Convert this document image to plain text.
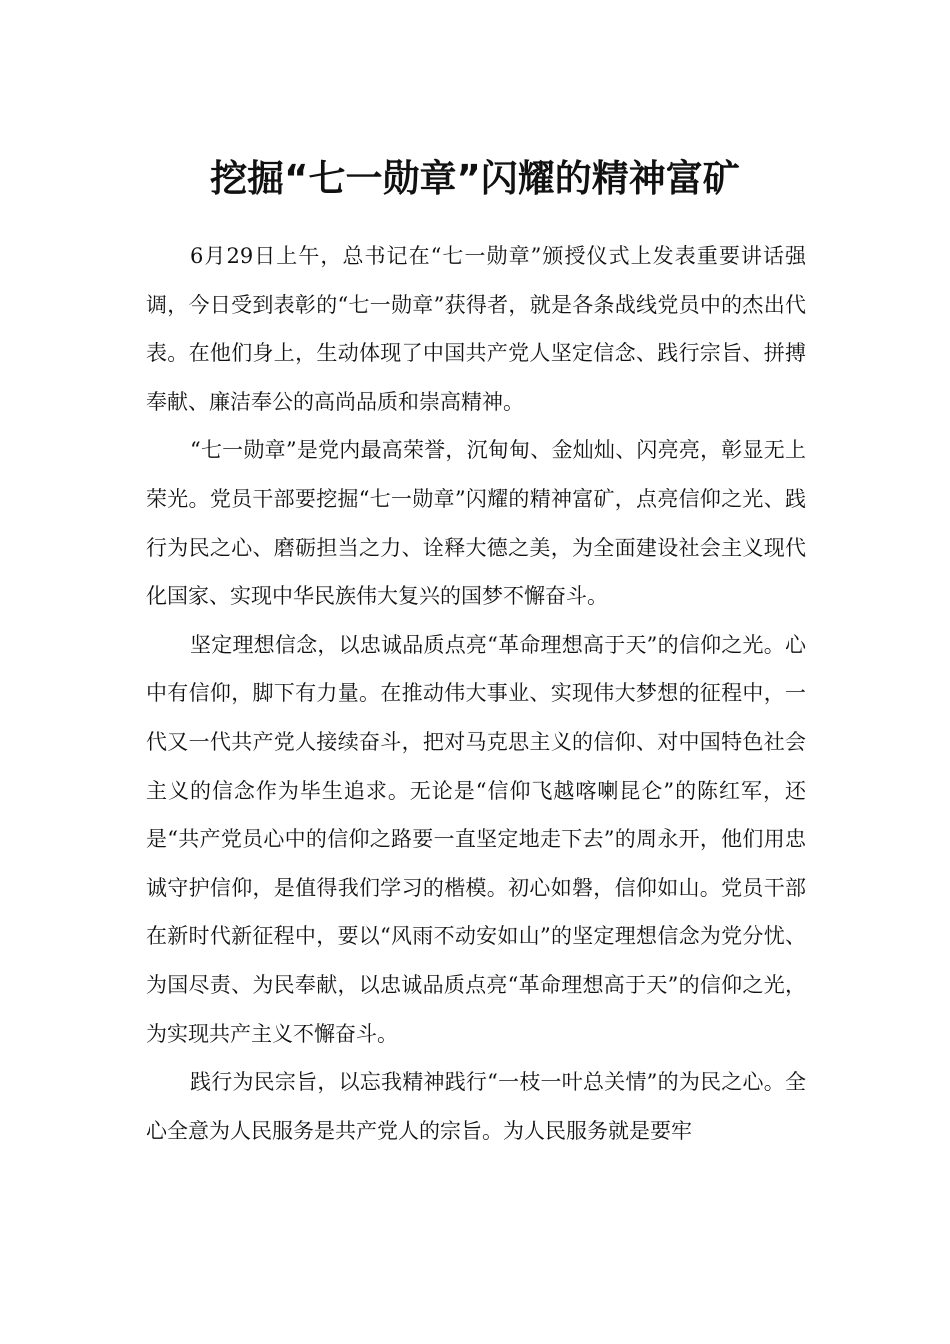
挖掘“七一勋章”闪耀的精神富矿

6月29日上午，总书记在“七一勋章”颁授仪式上发表重要讲话强调，今日受到表彰的“七一勋章”获得者，就是各条战线党员中的杰出代表。在他们身上，生动体现了中国共产党人坚定信念、践行宗旨、拼搏奉献、廉洁奉公的高尚品质和崇高精神。

“七一勋章”是党内最高荣誉，沉甸甸、金灿灿、闪亮亮，彰显无上荣光。党员干部要挖掘“七一勋章”闪耀的精神富矿，点亮信仰之光、践行为民之心、磨砺担当之力、诠释大德之美，为全面建设社会主义现代化国家、实现中华民族伟大复兴的国梦不懈奋斗。

坚定理想信念，以忠诚品质点亮“革命理想高于天”的信仰之光。心中有信仰，脚下有力量。在推动伟大事业、实现伟大梦想的征程中，一代又一代共产党人接续奋斗，把对马克思主义的信仰、对中国特色社会主义的信念作为毕生追求。无论是“信仰飞越喀喇昆仑”的陈红军，还是“共产党员心中的信仰之路要一直坚定地走下去”的周永开，他们用忠诚守护信仰，是值得我们学习的楷模。初心如磐，信仰如山。党员干部在新时代新征程中，要以“风雨不动安如山”的坚定理想信念为党分忧、为国尽责、为民奉献，以忠诚品质点亮“革命理想高于天”的信仰之光，为实现共产主义不懈奋斗。

践行为民宗旨，以忘我精神践行“一枝一叶总关情”的为民之心。全心全意为人民服务是共产党人的宗旨。为人民服务就是要牢
